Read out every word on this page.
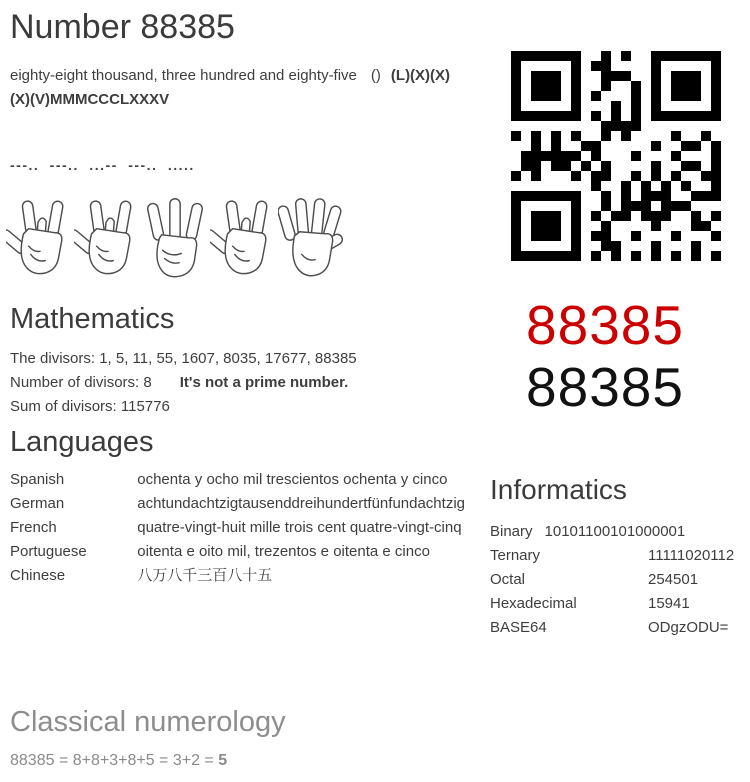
Number 88385

eighty-eight thousand, three hundred and eighty-five () (L)(X)(X)(X)(V)MMMCCCLXXXV

---.. ---.. ...-- ---.. .....
Mathematics
The divisors: 1, 5, 11, 55, 1607, 8035, 17677, 88385
Number of divisors: 8 It's not a prime number.
Sum of divisors: 115776
88385
88385
Languages
Spanish	ochenta y ocho mil trescientos ochenta y cinco
German	achtundachtzigtausenddreihundertfünfundachtzig
French	quatre-vingt-huit mille trois cent quatre-vingt-cinq
Portuguese	oitenta e oito mil, trezentos e oitenta e cinco
Chinese	八万八千三百八十五
Informatics
Binary 10101100101000001
Ternary	11111020112
Octal	254501
Hexadecimal	15941
BASE64	ODgzODU=
Classical numerology
88385 = 8+8+3+8+5 = 3+2 = 5
